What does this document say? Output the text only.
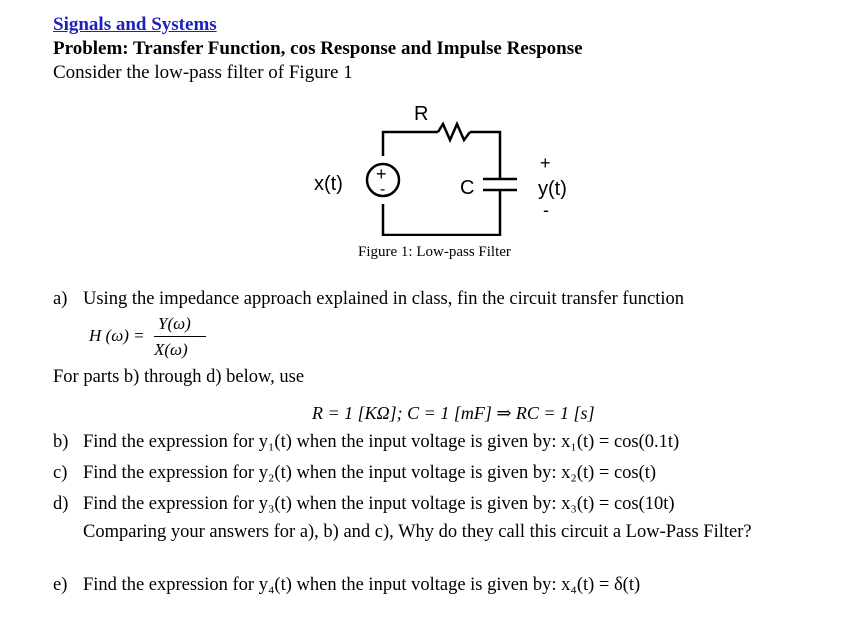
Signals and Systems
Problem: Transfer Function, cos Response and Impulse Response
Consider the low-pass filter of Figure 1
R
C
x(t) +
-
+
y(t)
-
Figure 1: Low-pass Filter
a) Using the impedance approach explained in class, fin the circuit transfer function
H (ω) =
Y(ω)
X(ω)
For parts b) through d) below, use
R = 1 [KΩ]; C = 1 [mF] ⇒ RC = 1 [s]
b) Find the expression for y₁(t) when the input voltage is given by: x₁(t) = cos(0.1t)
c) Find the expression for y₂(t) when the input voltage is given by: x₂(t) = cos(t)
d) Find the expression for y₃(t) when the input voltage is given by: x₃(t) = cos(10t)
Comparing your answers for a), b) and c), Why do they call this circuit a Low-Pass Filter?
e) Find the expression for y₄(t) when the input voltage is given by: x₄(t) = δ(t)
